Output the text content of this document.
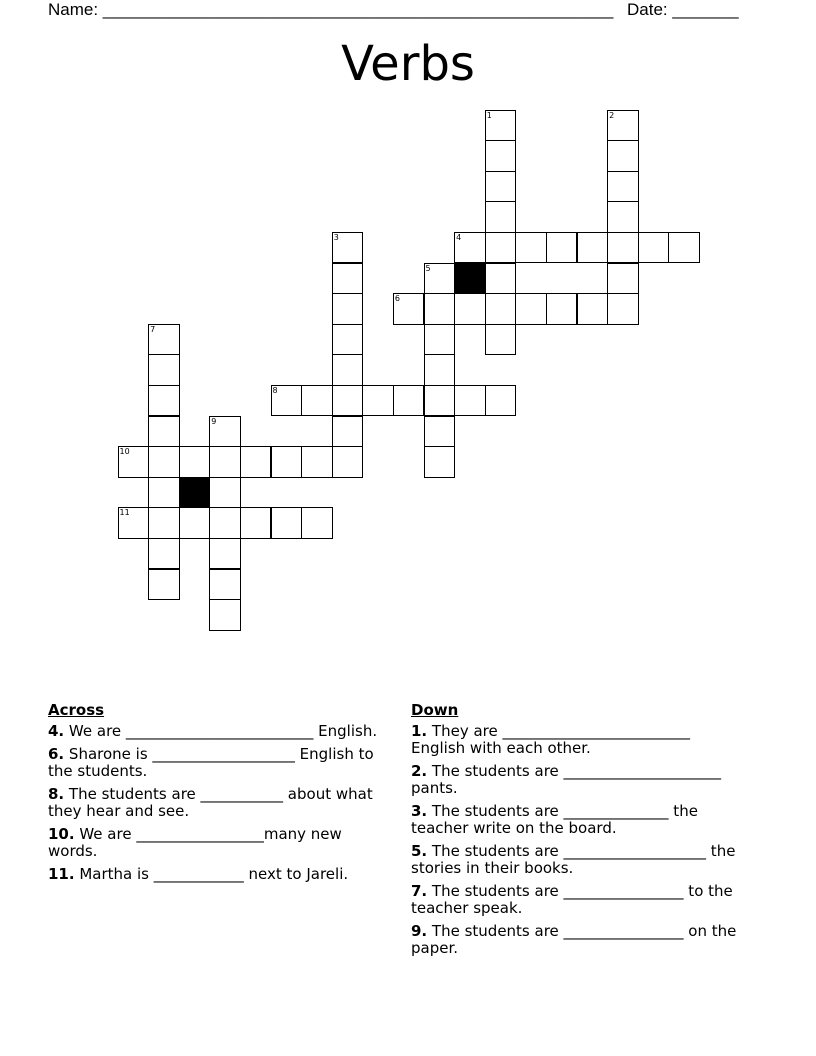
Name: ______________________________________________________ Date: _______
Verbs
1	2
3	4
5
6
7
8
9
10
11
Across
4. We are _________________________ English.
6. Sharone is ___________________ English to the students.
8. The students are ___________ about what they hear and see.
10. We are _________________many new words.
11. Martha is ____________ next to Jareli.
Down
1. They are _________________________ English with each other.
2. The students are _____________________ pants.
3. The students are ______________ the teacher write on the board.
5. The students are ___________________ the stories in their books.
7. The students are ________________ to the teacher speak.
9. The students are ________________ on the paper.
